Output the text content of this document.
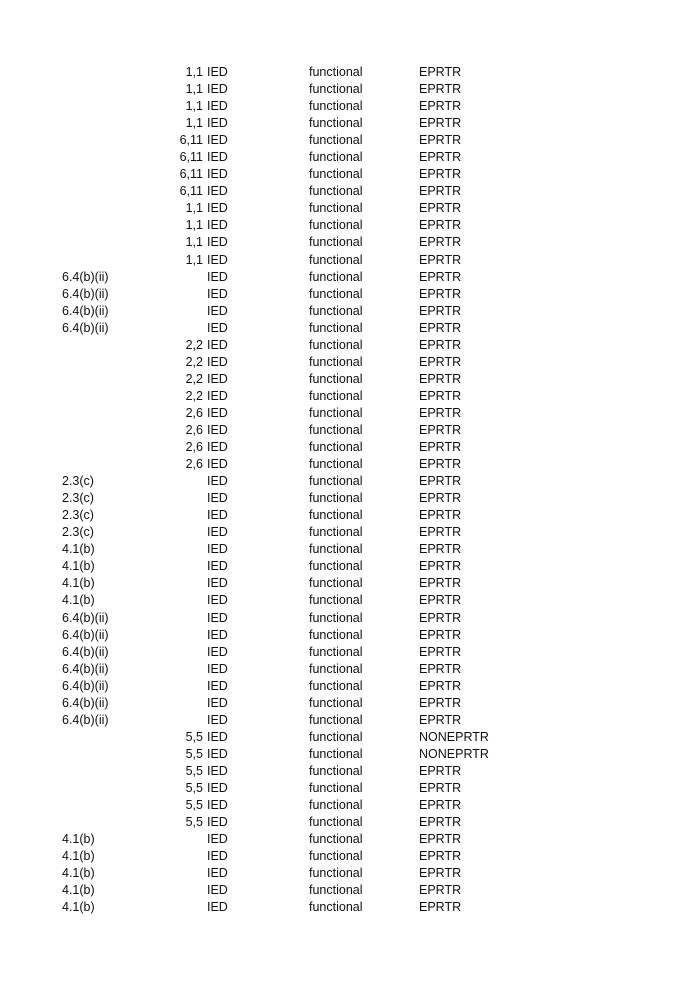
1,1 IED	functional	EPRTR
1,1 IED	functional	EPRTR
1,1 IED	functional	EPRTR
1,1 IED	functional	EPRTR
6,11 IED	functional	EPRTR
6,11 IED	functional	EPRTR
6,11 IED	functional	EPRTR
6,11 IED	functional	EPRTR
1,1 IED	functional	EPRTR
1,1 IED	functional	EPRTR
1,1 IED	functional	EPRTR
1,1 IED	functional	EPRTR
6.4(b)(ii)	IED	functional	EPRTR
6.4(b)(ii)	IED	functional	EPRTR
6.4(b)(ii)	IED	functional	EPRTR
6.4(b)(ii)	IED	functional	EPRTR
2,2 IED	functional	EPRTR
2,2 IED	functional	EPRTR
2,2 IED	functional	EPRTR
2,2 IED	functional	EPRTR
2,6 IED	functional	EPRTR
2,6 IED	functional	EPRTR
2,6 IED	functional	EPRTR
2,6 IED	functional	EPRTR
2.3(c)	IED	functional	EPRTR
2.3(c)	IED	functional	EPRTR
2.3(c)	IED	functional	EPRTR
2.3(c)	IED	functional	EPRTR
4.1(b)	IED	functional	EPRTR
4.1(b)	IED	functional	EPRTR
4.1(b)	IED	functional	EPRTR
4.1(b)	IED	functional	EPRTR
6.4(b)(ii)	IED	functional	EPRTR
6.4(b)(ii)	IED	functional	EPRTR
6.4(b)(ii)	IED	functional	EPRTR
6.4(b)(ii)	IED	functional	EPRTR
6.4(b)(ii)	IED	functional	EPRTR
6.4(b)(ii)	IED	functional	EPRTR
6.4(b)(ii)	IED	functional	EPRTR
5,5 IED	functional	NONEPRTR
5,5 IED	functional	NONEPRTR
5,5 IED	functional	EPRTR
5,5 IED	functional	EPRTR
5,5 IED	functional	EPRTR
5,5 IED	functional	EPRTR
4.1(b)	IED	functional	EPRTR
4.1(b)	IED	functional	EPRTR
4.1(b)	IED	functional	EPRTR
4.1(b)	IED	functional	EPRTR
4.1(b)	IED	functional	EPRTR
